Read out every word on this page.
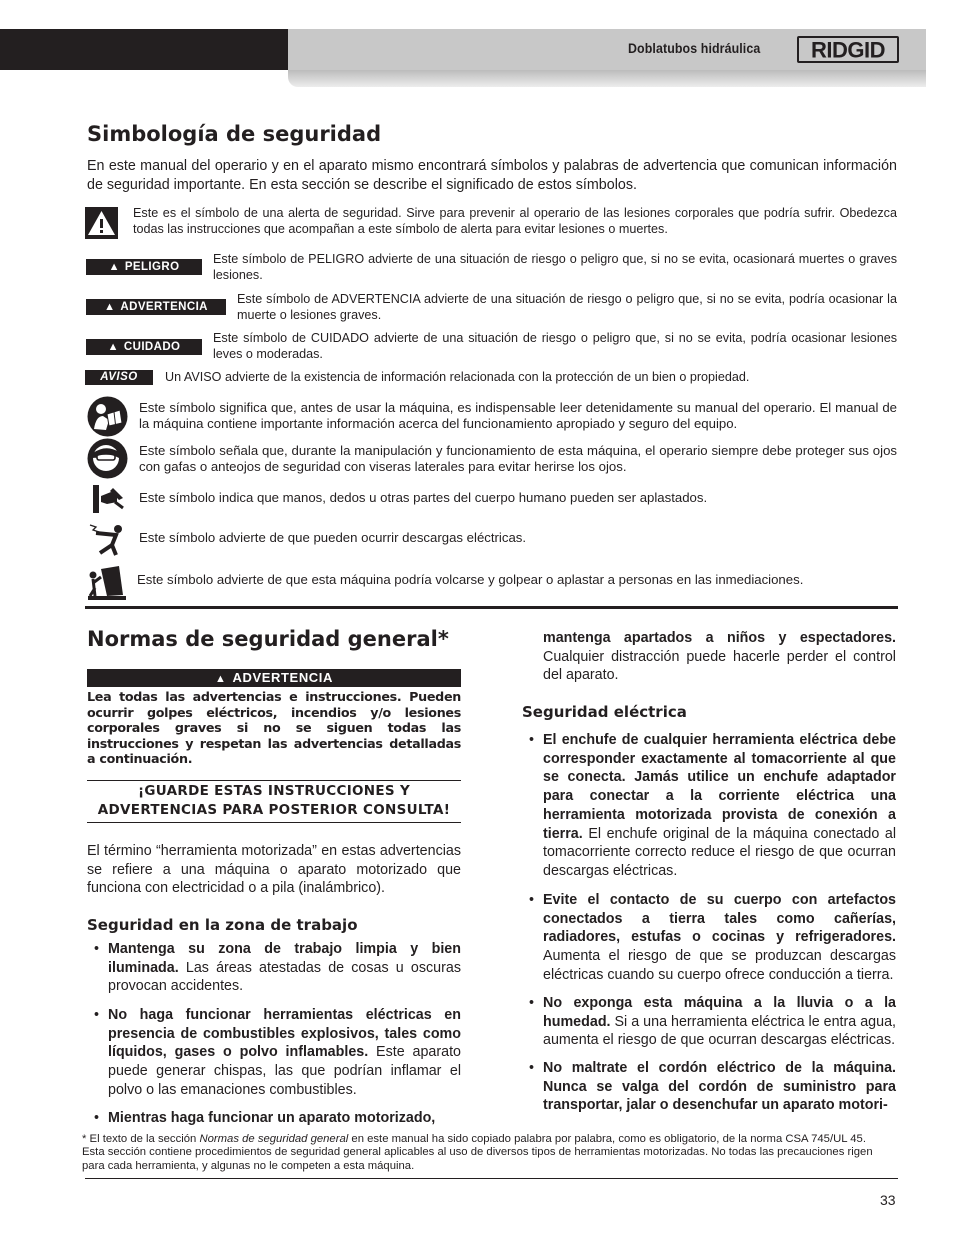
Doblatubos hidráulica RIDGID
Simbología de seguridad
En este manual del operario y en el aparato mismo encontrará símbolos y palabras de advertencia que comunican información de seguridad importante. En esta sección se describe el significado de estos símbolos.
Este es el símbolo de una alerta de seguridad. Sirve para prevenir al operario de las lesiones corporales que podría sufrir. Obedezca todas las instrucciones que acompañan a este símbolo de alerta para evitar lesiones o muertes.
▲ PELIGRO
Este símbolo de PELIGRO advierte de una situación de riesgo o peligro que, si no se evita, ocasionará muertes o graves lesiones.
▲ ADVERTENCIA
Este símbolo de ADVERTENCIA advierte de una situación de riesgo o peligro que, si no se evita, podría ocasionar la muerte o lesiones graves.
▲ CUIDADO
Este símbolo de CUIDADO advierte de una situación de riesgo o peligro que, si no se evita, podría ocasionar lesiones leves o moderadas.
AVISO	Un AVISO advierte de la existencia de información relacionada con la protección de un bien o propiedad.
Este símbolo significa que, antes de usar la máquina, es indispensable leer detenidamente su manual del operario. El manual de la máquina contiene importante información acerca del funcionamiento apropiado y seguro del equipo.
Este símbolo señala que, durante la manipulación y funcionamiento de esta máquina, el operario siempre debe proteger sus ojos con gafas o anteojos de seguridad con viseras laterales para evitar herirse los ojos.
Este símbolo indica que manos, dedos u otras partes del cuerpo humano pueden ser aplastados.
Este símbolo advierte de que pueden ocurrir descargas eléctricas.
Este símbolo advierte de que esta máquina podría volcarse y golpear o aplastar a personas en las inmediaciones.
Normas de seguridad general*
▲ ADVERTENCIA
Lea todas las advertencias e instrucciones. Pueden ocurrir golpes eléctricos, incendios y/o lesiones corporales graves si no se siguen todas las instrucciones y respetan las advertencias detalladas a continuación.
¡GUARDE ESTAS INSTRUCCIONES Y ADVERTENCIAS PARA POSTERIOR CONSULTA!
El término “herramienta motorizada” en estas advertencias se refiere a una máquina o aparato motorizado que funciona con electricidad o a pila (inalámbrico).
Seguridad en la zona de trabajo
• Mantenga su zona de trabajo limpia y bien iluminada. Las áreas atestadas de cosas u oscuras provocan accidentes.
• No haga funcionar herramientas eléctricas en presencia de combustibles explosivos, tales como líquidos, gases o polvo inflamables. Este aparato puede generar chispas, las que podrían inflamar el polvo o las emanaciones combustibles.
• Mientras haga funcionar un aparato motorizado,
mantenga apartados a niños y espectadores. Cualquier distracción puede hacerle perder el control del aparato.
Seguridad eléctrica
• El enchufe de cualquier herramienta eléctrica debe corresponder exactamente al tomacorriente al que se conecta. Jamás utilice un enchufe adaptador para conectar a la corriente eléctrica una herramienta motorizada provista de conexión a tierra. El enchufe original de la máquina conectado al tomacorriente correcto reduce el riesgo de que ocurran descargas eléctricas.
• Evite el contacto de su cuerpo con artefactos conectados a tierra tales como cañerías, radiadores, estufas o cocinas y refrigeradores. Aumenta el riesgo de que se produzcan descargas eléctricas cuando su cuerpo ofrece conducción a tierra.
• No exponga esta máquina a la lluvia o a la humedad. Si a una herramienta eléctrica le entra agua, aumenta el riesgo de que ocurran descargas eléctricas.
• No maltrate el cordón eléctrico de la máquina. Nunca se valga del cordón de suministro para transportar, jalar o desenchufar un aparato motori-
* El texto de la sección Normas de seguridad general en este manual ha sido copiado palabra por palabra, como es obligatorio, de la norma CSA 745/UL 45. Esta sección contiene procedimientos de seguridad general aplicables al uso de diversos tipos de herramientas motorizadas. No todas las precauciones rigen para cada herramienta, y algunas no le competen a esta máquina.
33
